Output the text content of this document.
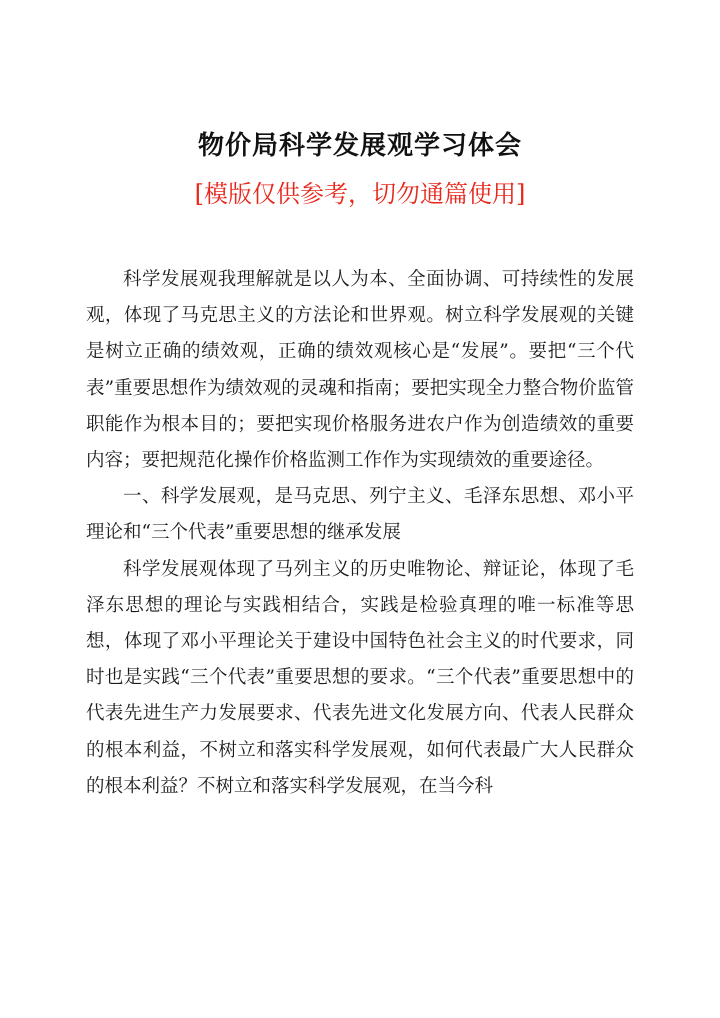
物价局科学发展观学习体会
[模版仅供参考，切勿通篇使用]

科学发展观我理解就是以人为本、全面协调、可持续性的发展观，体现了马克思主义的方法论和世界观。树立科学发展观的关键是树立正确的绩效观，正确的绩效观核心是“发展”。要把“三个代表”重要思想作为绩效观的灵魂和指南；要把实现全力整合物价监管职能作为根本目的；要把实现价格服务进农户作为创造绩效的重要内容；要把规范化操作价格监测工作作为实现绩效的重要途径。

一、科学发展观，是马克思、列宁主义、毛泽东思想、邓小平理论和“三个代表”重要思想的继承发展

科学发展观体现了马列主义的历史唯物论、辩证论，体现了毛泽东思想的理论与实践相结合，实践是检验真理的唯一标准等思想，体现了邓小平理论关于建设中国特色社会主义的时代要求，同时也是实践“三个代表”重要思想的要求。“三个代表”重要思想中的代表先进生产力发展要求、代表先进文化发展方向、代表人民群众的根本利益，不树立和落实科学发展观，如何代表最广大人民群众的根本利益？不树立和落实科学发展观，在当今科
